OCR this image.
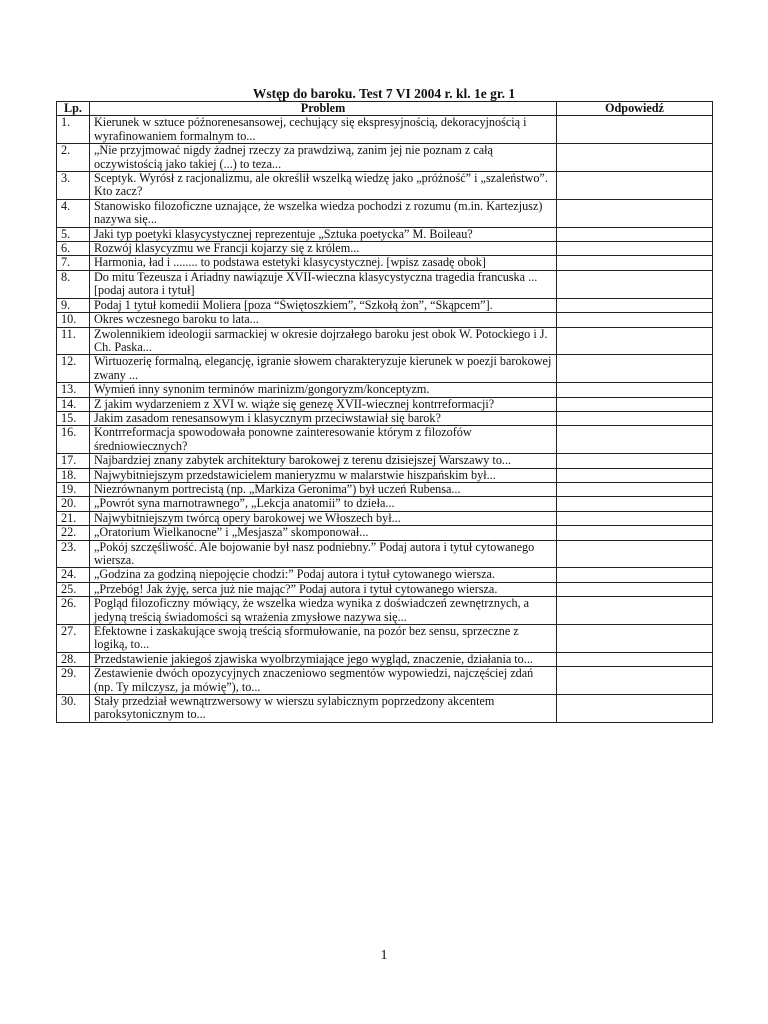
Wstęp do baroku. Test 7 VI 2004 r. kl. 1e gr. 1
Lp.	Problem	Odpowiedź
1.	Kierunek w sztuce późnorenesansowej, cechujący się ekspresyjnością, dekoracyjnością i wyrafinowaniem formalnym to...	
2.	„Nie przyjmować nigdy żadnej rzeczy za prawdziwą, zanim jej nie poznam z całą oczywistością jako takiej (...) to teza...	
3.	Sceptyk. Wyrósł z racjonalizmu, ale określił wszelką wiedzę jako „próżność” i „szaleństwo”. Kto zacz?	
4.	Stanowisko filozoficzne uznające, że wszelka wiedza pochodzi z rozumu (m.in. Kartezjusz) nazywa się...	
5.	Jaki typ poetyki klasycystycznej reprezentuje „Sztuka poetycka” M. Boileau?	
6.	Rozwój klasycyzmu we Francji kojarzy się z królem...	
7.	Harmonia, ład i ........ to podstawa estetyki klasycystycznej. [wpisz zasadę obok]	
8.	Do mitu Tezeusza i Ariadny nawiązuje XVII-wieczna klasycystyczna tragedia francuska ... [podaj autora i tytuł]	
9.	Podaj 1 tytuł komedii Moliera [poza “Świętoszkiem”, “Szkołą żon”, “Skąpcem”].	
10.	Okres wczesnego baroku to lata...	
11.	Zwolennikiem ideologii sarmackiej w okresie dojrzałego baroku jest obok W. Potockiego i J. Ch. Paska...	
12.	Wirtuozerię formalną, elegancję, igranie słowem charakteryzuje kierunek w poezji barokowej zwany ...	
13.	Wymień inny synonim terminów marinizm/gongoryzm/konceptyzm.	
14.	Z jakim wydarzeniem z XVI w. wiąże się genezę XVII-wiecznej kontrreformacji?	
15.	Jakim zasadom renesansowym i klasycznym przeciwstawiał się barok?	
16.	Kontrreformacja spowodowała ponowne zainteresowanie którym z filozofów średniowiecznych?	
17.	Najbardziej znany zabytek architektury barokowej z terenu dzisiejszej Warszawy to...	
18.	Najwybitniejszym przedstawicielem manieryzmu w malarstwie hiszpańskim był...	
19.	Niezrównanym portrecistą (np. „Markiza Geronima”) był uczeń Rubensa...	
20.	„Powrót syna marnotrawnego”, „Lekcja anatomii” to dzieła...	
21.	Najwybitniejszym twórcą opery barokowej we Włoszech był...	
22.	„Oratorium Wielkanocne” i „Mesjasza” skomponował...	
23.	„Pokój szczęśliwość. Ale bojowanie był nasz podniebny.” Podaj autora i tytuł cytowanego wiersza.	
24.	„Godzina za godziną niepojęcie chodzi:” Podaj autora i tytuł cytowanego wiersza.	
25.	„Przebóg! Jak żyję, serca już nie mając?” Podaj autora i tytuł cytowanego wiersza.	
26.	Pogląd filozoficzny mówiący, że wszelka wiedza wynika z doświadczeń zewnętrznych, a jedyną treścią świadomości są wrażenia zmysłowe nazywa się...	
27.	Efektowne i zaskakujące swoją treścią sformułowanie, na pozór bez sensu, sprzeczne z logiką, to...	
28.	Przedstawienie jakiegoś zjawiska wyolbrzymiające jego wygląd, znaczenie, działania to...	
29.	Zestawienie dwóch opozycyjnych znaczeniowo segmentów wypowiedzi, najczęściej zdań (np. Ty milczysz, ja mówię”), to...	
30.	Stały przedział wewnątrzwersowy w wierszu sylabicznym poprzedzony akcentem paroksytonicznym to...	
1
